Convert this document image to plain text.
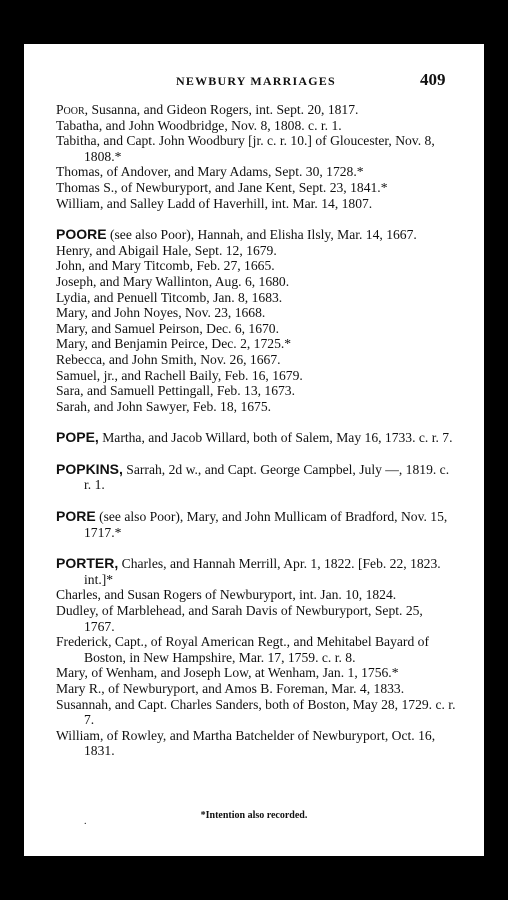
NEWBURY MARRIAGES	409

Poor, Susanna, and Gideon Rogers, int. Sept. 20, 1817.

Tabatha, and John Woodbridge, Nov. 8, 1808. c. r. 1.

Tabitha, and Capt. John Woodbury [jr. c. r. 10.] of Gloucester, Nov. 8, 1808.*

Thomas, of Andover, and Mary Adams, Sept. 30, 1728.*

Thomas S., of Newburyport, and Jane Kent, Sept. 23, 1841.*

William, and Salley Ladd of Haverhill, int. Mar. 14, 1807.

POORE (see also Poor), Hannah, and Elisha Ilsly, Mar. 14, 1667.

Henry, and Abigail Hale, Sept. 12, 1679.

John, and Mary Titcomb, Feb. 27, 1665.

Joseph, and Mary Wallinton, Aug. 6, 1680.

Lydia, and Penuell Titcomb, Jan. 8, 1683.

Mary, and John Noyes, Nov. 23, 1668.

Mary, and Samuel Peirson, Dec. 6, 1670.

Mary, and Benjamin Peirce, Dec. 2, 1725.*

Rebecca, and John Smith, Nov. 26, 1667.

Samuel, jr., and Rachell Baily, Feb. 16, 1679.

Sara, and Samuell Pettingall, Feb. 13, 1673.

Sarah, and John Sawyer, Feb. 18, 1675.

POPE, Martha, and Jacob Willard, both of Salem, May 16, 1733. c. r. 7.

POPKINS, Sarrah, 2d w., and Capt. George Campbel, July —, 1819. c. r. 1.

PORE (see also Poor), Mary, and John Mullicam of Bradford, Nov. 15, 1717.*

PORTER, Charles, and Hannah Merrill, Apr. 1, 1822. [Feb. 22, 1823. int.]*

Charles, and Susan Rogers of Newburyport, int. Jan. 10, 1824.

Dudley, of Marblehead, and Sarah Davis of Newburyport, Sept. 25, 1767.

Frederick, Capt., of Royal American Regt., and Mehitabel Bayard of Boston, in New Hampshire, Mar. 17, 1759. c. r. 8.

Mary, of Wenham, and Joseph Low, at Wenham, Jan. 1, 1756.*

Mary R., of Newburyport, and Amos B. Foreman, Mar. 4, 1833.

Susannah, and Capt. Charles Sanders, both of Boston, May 28, 1729. c. r. 7.

William, of Rowley, and Martha Batchelder of Newburyport, Oct. 16, 1831.

.
*Intention also recorded.
